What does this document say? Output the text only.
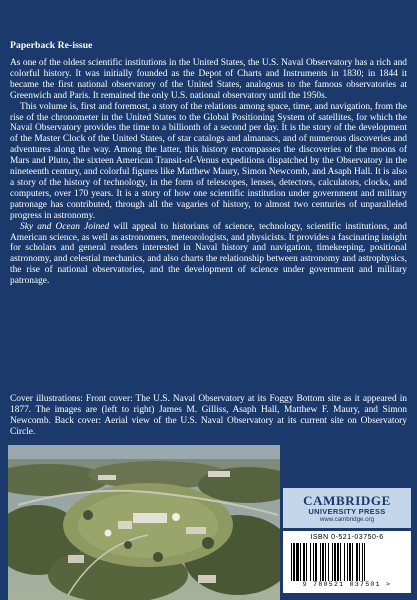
Paperback Re-issue

As one of the oldest scientific institutions in the United States, the U.S. Naval Observatory has a rich and colorful history. It was initially founded as the Depot of Charts and Instruments in 1830; in 1844 it became the first national observatory of the United States, analogous to the famous observatories at Greenwich and Paris. It remained the only U.S. national observatory until the 1950s.

This volume is, first and foremost, a story of the relations among space, time, and navigation, from the rise of the chronometer in the United States to the Global Positioning System of satellites, for which the Naval Observatory provides the time to a billionth of a second per day. It is the story of the development of the Master Clock of the United States, of star catalogs and almanacs, and of numerous discoveries and adventures along the way. Among the latter, this history encompasses the discoveries of the moons of Mars and Pluto, the sixteen American Transit-of-Venus expeditions dispatched by the Observatory in the nineteenth century, and colorful figures like Matthew Maury, Simon Newcomb, and Asaph Hall. It is also a story of the history of technology, in the form of telescopes, lenses, detectors, calculators, clocks, and computers, over 170 years. It is a story of how one scientific institution under government and military patronage has contributed, through all the vagaries of history, to almost two centuries of unparalleled progress in astronomy.

Sky and Ocean Joined will appeal to historians of science, technology, scientific institutions, and American science, as well as astronomers, meteorologists, and physicists. It provides a fascinating insight for scholars and general readers interested in Naval history and navigation, timekeeping, positional astronomy, and celestial mechanics, and also charts the relationship between astronomy and astrophysics, the rise of national observatories, and the development of science under government and military patronage.

Cover illustrations: Front cover: The U.S. Naval Observatory at its Foggy Bottom site as it appeared in 1877. The images are (left to right) James M. Gilliss, Asaph Hall, Matthew F. Maury, and Simon Newcomb. Back cover: Aerial view of the U.S. Naval Observatory at its current site on Observatory Circle.
CAMBRIDGE
UNIVERSITY PRESS
www.cambridge.org
ISBN 0-521-03750-6
9 780521 037501 >
